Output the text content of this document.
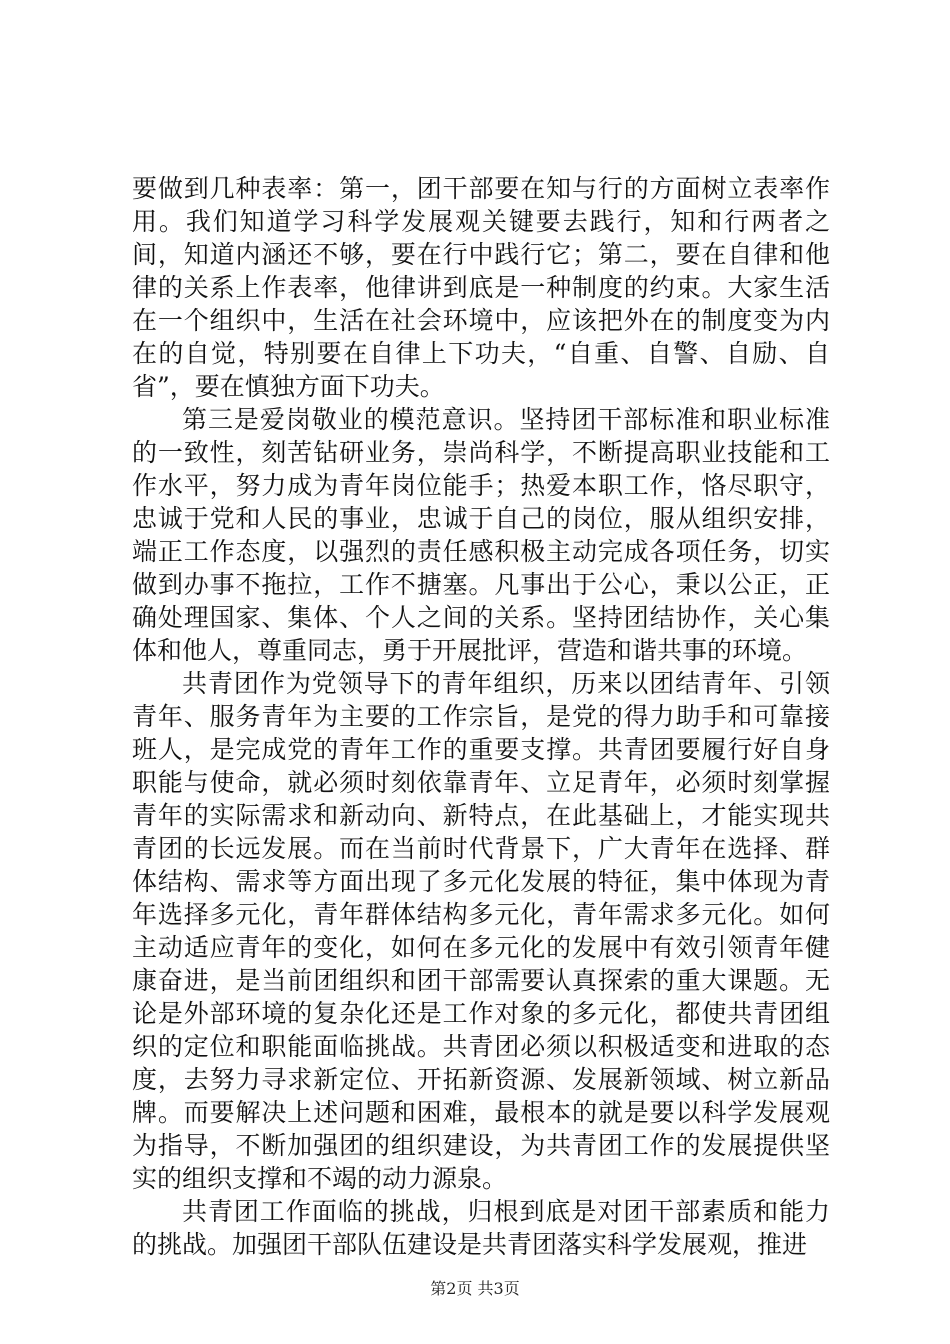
要做到几种表率：第一，团干部要在知与行的方面树立表率作用。我们知道学习科学发展观关键要去践行，知和行两者之间，知道内涵还不够，要在行中践行它；第二，要在自律和他律的关系上作表率，他律讲到底是一种制度的约束。大家生活在一个组织中，生活在社会环境中，应该把外在的制度变为内在的自觉，特别要在自律上下功夫，“自重、自警、自励、自省”，要在慎独方面下功夫。

第三是爱岗敬业的模范意识。坚持团干部标准和职业标准的一致性，刻苦钻研业务，崇尚科学，不断提高职业技能和工作水平，努力成为青年岗位能手；热爱本职工作，恪尽职守，忠诚于党和人民的事业，忠诚于自己的岗位，服从组织安排，端正工作态度，以强烈的责任感积极主动完成各项任务，切实做到办事不拖拉，工作不搪塞。凡事出于公心，秉以公正，正确处理国家、集体、个人之间的关系。坚持团结协作，关心集体和他人，尊重同志，勇于开展批评，营造和谐共事的环境。

共青团作为党领导下的青年组织，历来以团结青年、引领青年、服务青年为主要的工作宗旨，是党的得力助手和可靠接班人，是完成党的青年工作的重要支撑。共青团要履行好自身职能与使命，就必须时刻依靠青年、立足青年，必须时刻掌握青年的实际需求和新动向、新特点，在此基础上，才能实现共青团的长远发展。而在当前时代背景下，广大青年在选择、群体结构、需求等方面出现了多元化发展的特征，集中体现为青年选择多元化，青年群体结构多元化，青年需求多元化。如何主动适应青年的变化，如何在多元化的发展中有效引领青年健康奋进，是当前团组织和团干部需要认真探索的重大课题。无论是外部环境的复杂化还是工作对象的多元化，都使共青团组织的定位和职能面临挑战。共青团必须以积极适变和进取的态度，去努力寻求新定位、开拓新资源、发展新领域、树立新品牌。而要解决上述问题和困难，最根本的就是要以科学发展观为指导，不断加强团的组织建设，为共青团工作的发展提供坚实的组织支撑和不竭的动力源泉。

共青团工作面临的挑战，归根到底是对团干部素质和能力的挑战。加强团干部队伍建设是共青团落实科学发展观，推进

第2页 共3页
